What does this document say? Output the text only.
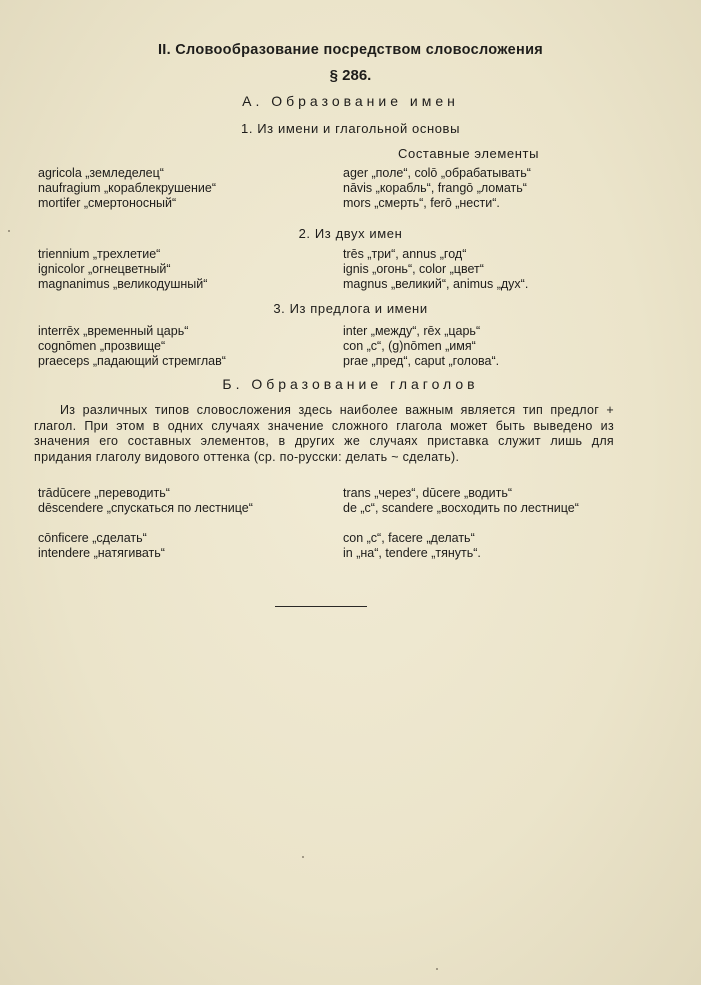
II. Словообразование посредством словосложения
§ 286.
А. Образование имен
1. Из имени и глагольной основы
Составные элементы
agricola „земледелец“
naufragium „кораблекрушение“
mortifer „смертоносный“
ager „поле“, colō „обрабатывать“
nāvis „корабль“, frangō „ломать“
mors „смерть“, ferō „нести“.
2. Из двух имен
triennium „трехлетие“
ignicolor „огнецветный“
magnanimus „великодушный“
trēs „три“, annus „год“
ignis „огонь“, color „цвет“
magnus „великий“, animus „дух“.
3. Из предлога и имени
interrēx „временный царь“
cognōmen „прозвище“
praeceps „падающий стремглав“
inter „между“, rēx „царь“
con „с“, (g)nōmen „имя“
prae „пред“, caput „голова“.
Б. Образование глаголов
Из различных типов словосложения здесь наиболее важным является тип предлог + глагол. При этом в одних случаях значение сложного глагола может быть выведено из значения его составных элементов, в других же случаях приставка служит лишь для придания глаголу видового оттенка (ср. по-русски: делать ~ сделать).
trādūcere „переводить“
dēscendere „спускаться по лестнице“
cōnficere „сделать“
intendere „натягивать“
trans „через“, dūcere „водить“
de „с“, scandere „восходить по лестнице“
con „с“, facere „делать“
in „на“, tendere „тянуть“.
